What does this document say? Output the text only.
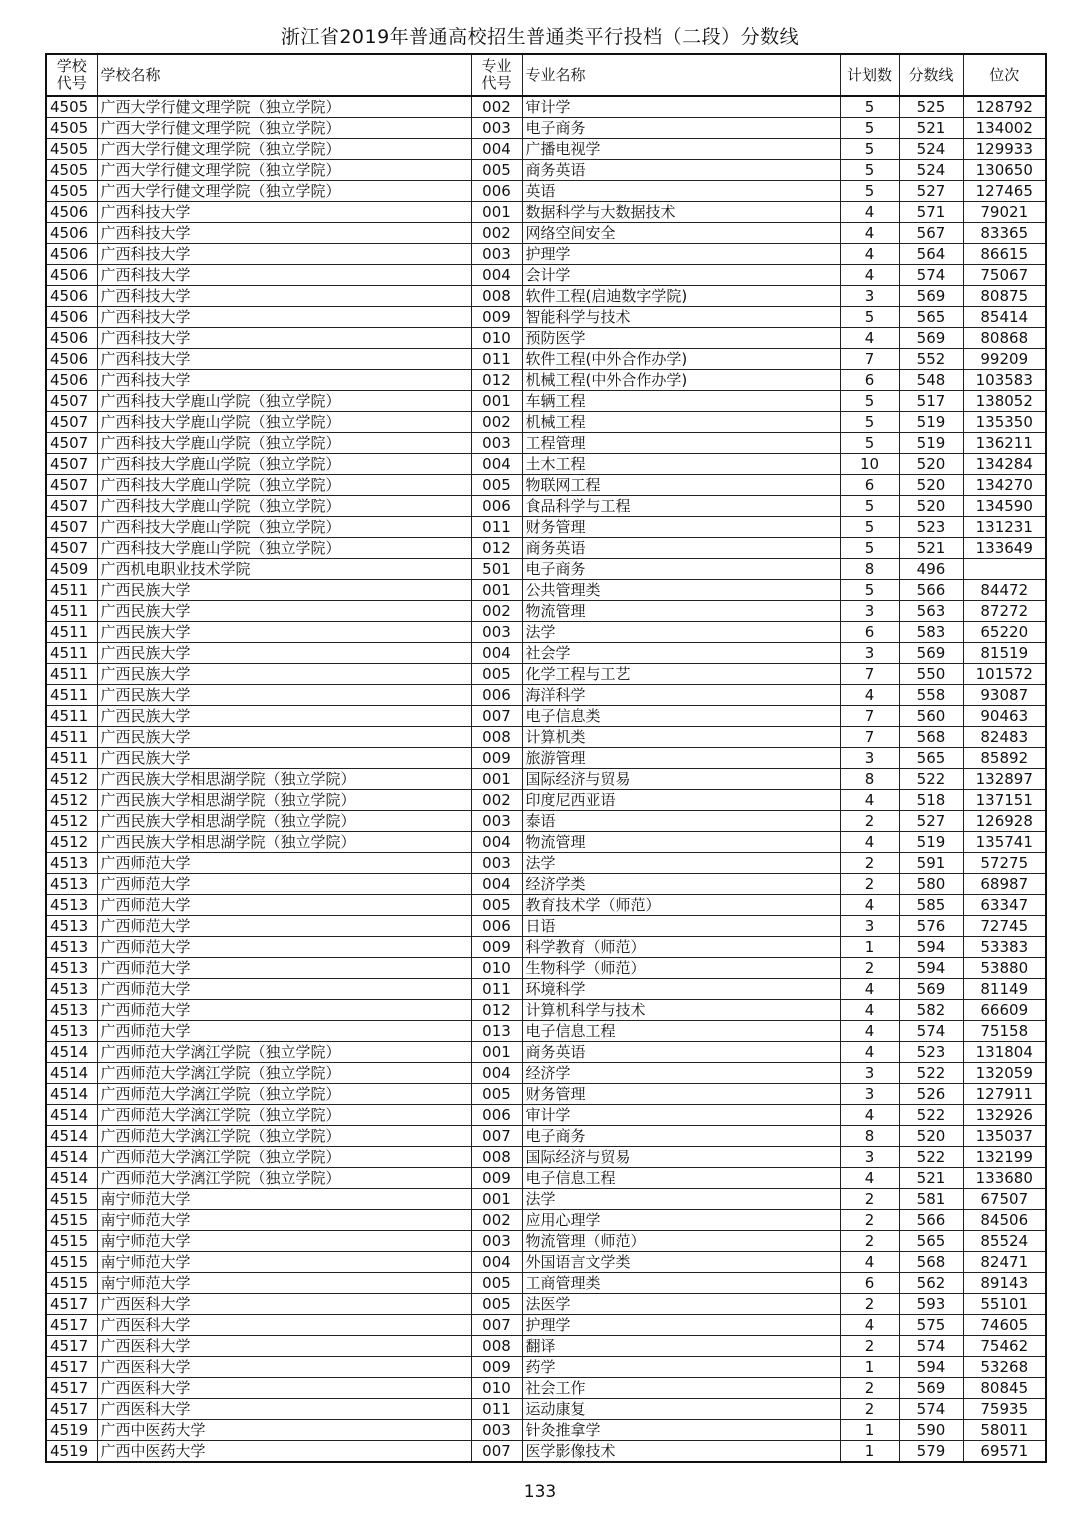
浙江省2019年普通高校招生普通类平行投档（二段）分数线
学校代号	学校名称	专业代号	专业名称	计划数	分数线	位次
4505	广西大学行健文理学院（独立学院）	002	审计学	5	525	128792
4505	广西大学行健文理学院（独立学院）	003	电子商务	5	521	134002
4505	广西大学行健文理学院（独立学院）	004	广播电视学	5	524	129933
4505	广西大学行健文理学院（独立学院）	005	商务英语	5	524	130650
4505	广西大学行健文理学院（独立学院）	006	英语	5	527	127465
4506	广西科技大学	001	数据科学与大数据技术	4	571	79021
4506	广西科技大学	002	网络空间安全	4	567	83365
4506	广西科技大学	003	护理学	4	564	86615
4506	广西科技大学	004	会计学	4	574	75067
4506	广西科技大学	008	软件工程(启迪数字学院)	3	569	80875
4506	广西科技大学	009	智能科学与技术	5	565	85414
4506	广西科技大学	010	预防医学	4	569	80868
4506	广西科技大学	011	软件工程(中外合作办学)	7	552	99209
4506	广西科技大学	012	机械工程(中外合作办学)	6	548	103583
4507	广西科技大学鹿山学院（独立学院）	001	车辆工程	5	517	138052
4507	广西科技大学鹿山学院（独立学院）	002	机械工程	5	519	135350
4507	广西科技大学鹿山学院（独立学院）	003	工程管理	5	519	136211
4507	广西科技大学鹿山学院（独立学院）	004	土木工程	10	520	134284
4507	广西科技大学鹿山学院（独立学院）	005	物联网工程	6	520	134270
4507	广西科技大学鹿山学院（独立学院）	006	食品科学与工程	5	520	134590
4507	广西科技大学鹿山学院（独立学院）	011	财务管理	5	523	131231
4507	广西科技大学鹿山学院（独立学院）	012	商务英语	5	521	133649
4509	广西机电职业技术学院	501	电子商务	8	496	
4511	广西民族大学	001	公共管理类	5	566	84472
4511	广西民族大学	002	物流管理	3	563	87272
4511	广西民族大学	003	法学	6	583	65220
4511	广西民族大学	004	社会学	3	569	81519
4511	广西民族大学	005	化学工程与工艺	7	550	101572
4511	广西民族大学	006	海洋科学	4	558	93087
4511	广西民族大学	007	电子信息类	7	560	90463
4511	广西民族大学	008	计算机类	7	568	82483
4511	广西民族大学	009	旅游管理	3	565	85892
4512	广西民族大学相思湖学院（独立学院）	001	国际经济与贸易	8	522	132897
4512	广西民族大学相思湖学院（独立学院）	002	印度尼西亚语	4	518	137151
4512	广西民族大学相思湖学院（独立学院）	003	泰语	2	527	126928
4512	广西民族大学相思湖学院（独立学院）	004	物流管理	4	519	135741
4513	广西师范大学	003	法学	2	591	57275
4513	广西师范大学	004	经济学类	2	580	68987
4513	广西师范大学	005	教育技术学（师范）	4	585	63347
4513	广西师范大学	006	日语	3	576	72745
4513	广西师范大学	009	科学教育（师范）	1	594	53383
4513	广西师范大学	010	生物科学（师范）	2	594	53880
4513	广西师范大学	011	环境科学	4	569	81149
4513	广西师范大学	012	计算机科学与技术	4	582	66609
4513	广西师范大学	013	电子信息工程	4	574	75158
4514	广西师范大学漓江学院（独立学院）	001	商务英语	4	523	131804
4514	广西师范大学漓江学院（独立学院）	004	经济学	3	522	132059
4514	广西师范大学漓江学院（独立学院）	005	财务管理	3	526	127911
4514	广西师范大学漓江学院（独立学院）	006	审计学	4	522	132926
4514	广西师范大学漓江学院（独立学院）	007	电子商务	8	520	135037
4514	广西师范大学漓江学院（独立学院）	008	国际经济与贸易	3	522	132199
4514	广西师范大学漓江学院（独立学院）	009	电子信息工程	4	521	133680
4515	南宁师范大学	001	法学	2	581	67507
4515	南宁师范大学	002	应用心理学	2	566	84506
4515	南宁师范大学	003	物流管理（师范）	2	565	85524
4515	南宁师范大学	004	外国语言文学类	4	568	82471
4515	南宁师范大学	005	工商管理类	6	562	89143
4517	广西医科大学	005	法医学	2	593	55101
4517	广西医科大学	007	护理学	4	575	74605
4517	广西医科大学	008	翻译	2	574	75462
4517	广西医科大学	009	药学	1	594	53268
4517	广西医科大学	010	社会工作	2	569	80845
4517	广西医科大学	011	运动康复	2	574	75935
4519	广西中医药大学	003	针灸推拿学	1	590	58011
4519	广西中医药大学	007	医学影像技术	1	579	69571
133
